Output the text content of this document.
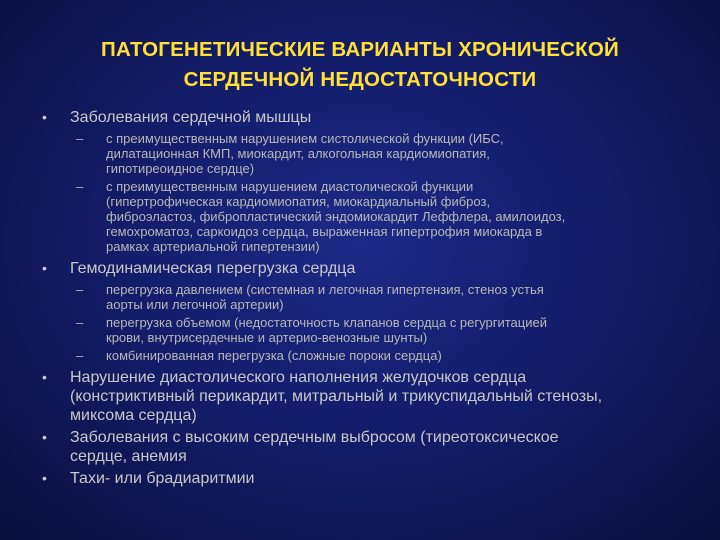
ПАТОГЕНЕТИЧЕСКИЕ ВАРИАНТЫ ХРОНИЧЕСКОЙ
СЕРДЕЧНОЙ НЕДОСТАТОЧНОСТИ
• Заболевания сердечной мышцы
– с преимущественным нарушением систолической функции (ИБС,
дилатационная КМП, миокардит, алкогольная кардиомиопатия,
гипотиреоидное сердце)
– с преимущественным нарушением диастолической функции
(гипертрофическая кардиомиопатия, миокардиальный фиброз,
фиброэластоз, фибропластический эндомиокардит Леффлера, амилоидоз,
гемохроматоз, саркоидоз сердца, выраженная гипертрофия миокарда в
рамках артериальной гипертензии)
• Гемодинамическая перегрузка сердца
– перегрузка давлением (системная и легочная гипертензия, стеноз устья
аорты или легочной артерии)
– перегрузка объемом (недостаточность клапанов сердца с регургитацией
крови, внутрисердечные и артерио-венозные шунты)
– комбинированная перегрузка (сложные пороки сердца)
• Нарушение диастолического наполнения желудочков сердца
(констриктивный перикардит, митральный и трикуспидальный стенозы,
миксома сердца)
• Заболевания с высоким сердечным выбросом (тиреотоксическое
сердце, анемия
• Тахи- или брадиаритмии
